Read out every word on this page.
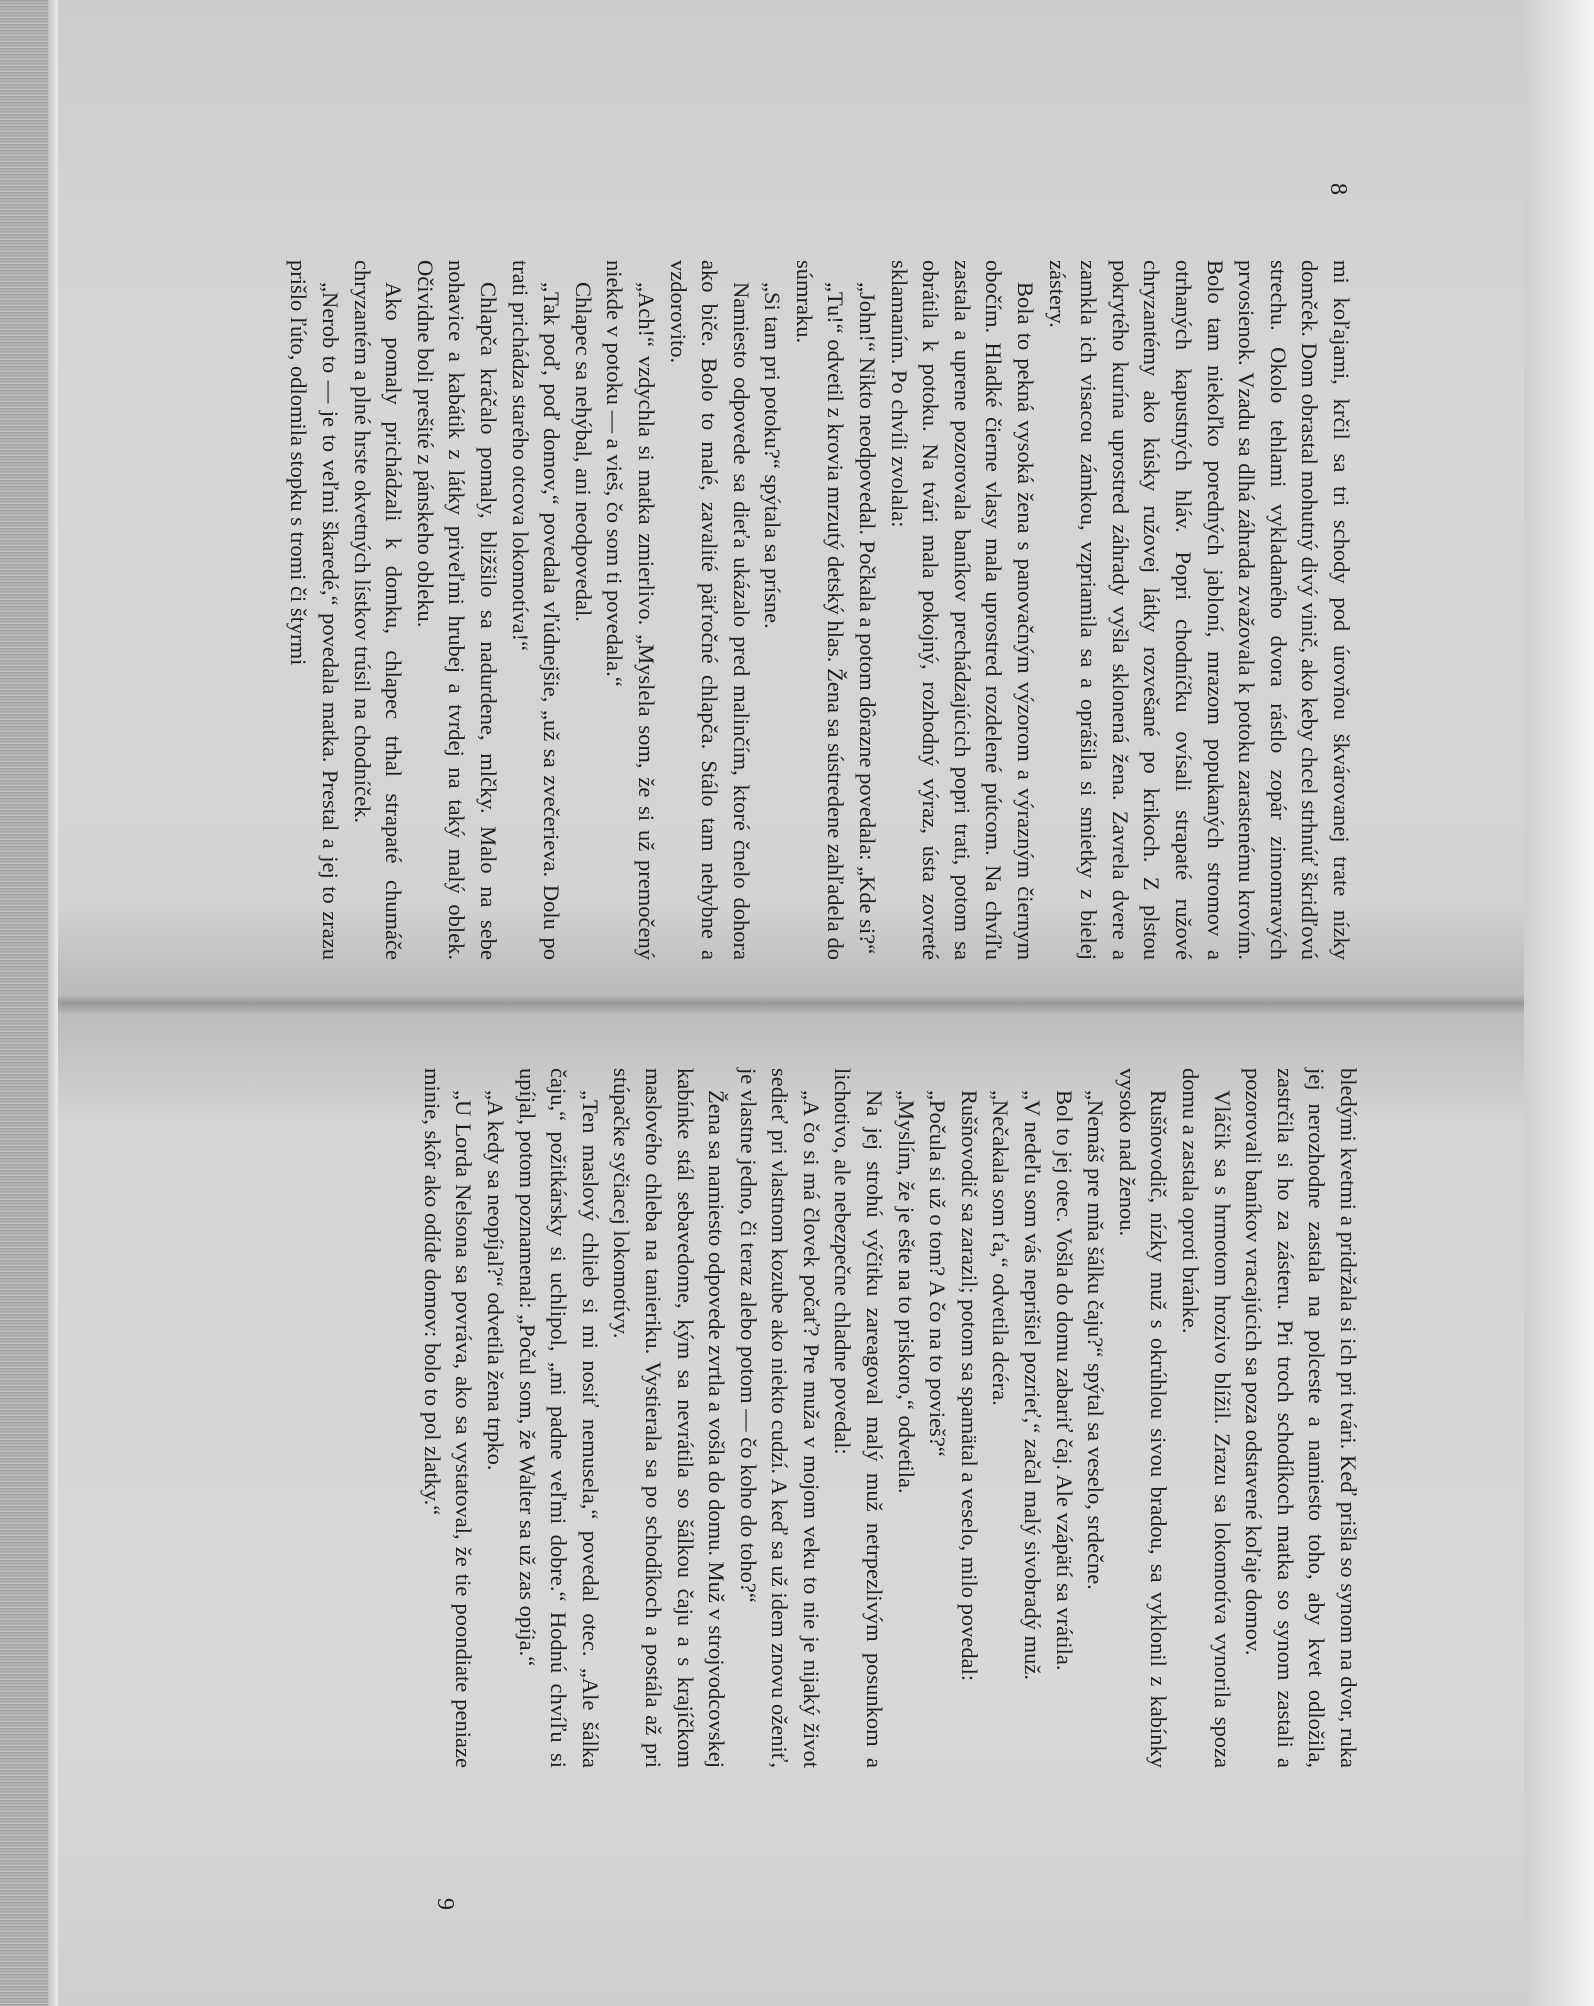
8

mi koľajami, krčil sa tri schody pod úrovňou škvárovanej trate nízky domček. Dom obrastal mohutný divý vinič, ako keby chcel strhnúť škridľovú strechu. Okolo tehlami vykladaného dvora rástlo zopár zimomravých prvosienok. Vzadu sa dlhá záhrada zvažovala k potoku zarastenému krovím. Bolo tam niekoľko poredných jabloní, mrazom popukaných stromov a otrhaných kapustných hláv. Popri chodníčku ovísali strapaté ružové chryzantémy ako kúsky ružovej látky rozvešané po krikoch. Z plstou pokrytého kurína uprostred záhrady vyšla sklonená žena. Zavrela dvere a zamkla ich visacou zámkou, vzpriamila sa a oprášila si smietky z bielej zástery.

Bola to pekná vysoká žena s panovačným výzorom a výrazným čiernym obočím. Hladké čierne vlasy mala uprostred rozdelené pútcom. Na chvíľu zastala a uprene pozorovala baníkov prechádzajúcich popri trati, potom sa obrátila k potoku. Na tvári mala pokojný, rozhodný výraz, ústa zovreté sklamaním. Po chvíli zvolala:

„John!“ Nikto neodpovedal. Počkala a potom dôrazne povedala: „Kde si?“

„Tu!“ odvetil z krovia mrzutý detský hlas. Žena sa sústredene zahľadela do súmraku.

„Si tam pri potoku?“ spýtala sa prísne.

Namiesto odpovede sa dieťa ukázalo pred malinčím, ktoré čnelo dohora ako biče. Bolo to malé, zavalité päťročné chlapča. Stálo tam nehybne a vzdorovito.

„Ach!“ vzdychla si matka zmierlivo. „Myslela som, že si už premočený niekde v potoku — a vieš, čo som ti povedala.“

Chlapec sa nehýbal, ani neodpovedal.

„Tak poď, poď domov,“ povedala vľúdnejšie, „už sa zvečerieva. Dolu po trati prichádza starého otcova lokomotíva!“

Chlapča kráčalo pomaly, bližšilo sa nadurdene, mlčky. Malo na sebe nohavice a kabátik z látky priveľmi hrubej a tvrdej na taký malý oblek. Očividne boli prešité z pánskeho obleku.

Ako pomaly prichádzali k domku, chlapec trhal strapaté chumáče chryzantém a plné hrste okvetných lístkov trúsil na chodníček.

„Nerob to — je to veľmi škaredé,“ povedala matka. Prestal a jej to zrazu prišlo ľúto, odlomila stopku s tromi či štyrmi

9

bledými kvetmi a pridržala si ich pri tvári. Keď prišla so synom na dvor, ruka jej nerozhodne zastala na polceste a namiesto toho, aby kvet odložila, zastrčila si ho za zásteru. Pri troch schodíkoch matka so synom zastali a pozorovali baníkov vracajúcich sa poza odstavené koľaje domov.

Vláčik sa s hrmotom hrozivo blížil. Zrazu sa lokomotíva vynorila spoza domu a zastala oproti bránke.

Rušňovodič, nízky muž s okrúhlou sivou bradou, sa vyklonil z kabínky vysoko nad ženou.

„Nemáš pre mňa šálku čaju?“ spýtal sa veselo, srdečne.

Bol to jej otec. Vošla do domu zabariť čaj. Ale vzápätí sa vrátila.

„V nedeľu som vás neprišiel pozrieť,“ začal malý sivobradý muž.

„Nečakala som ťa,“ odvetila dcéra.

Rušňovodič sa zarazil; potom sa spamätal a veselo, milo povedal:

„Počula si už o tom? A čo na to povieš?“

„Myslím, že je ešte na to priskoro,“ odvetila.

Na jej strohú výčitku zareagoval malý muž netrpezlivým posunkom a lichotivo, ale nebezpečne chladne povedal:

„A čo si má človek počať? Pre muža v mojom veku to nie je nijaký život sedieť pri vlastnom kozube ako niekto cudzí. A keď sa už idem znovu oženiť, je vlastne jedno, či teraz alebo potom — čo koho do toho?“

Žena sa namiesto odpovede zvrtla a vošla do domu. Muž v strojvodcovskej kabínke stál sebavedome, kým sa nevrátila so šálkou čaju a s krajíčkom maslového chleba na tanieriku. Vystierala sa po schodíkoch a postála až pri stúpačke syčiacej lokomotívy.

„Ten maslový chlieb si mi nosiť nemusela,“ povedal otec. „Ale šálka čaju,“ požitkársky si uchlipol, „mi padne veľmi dobre.“ Hodnú chvíľu si upíjal, potom poznamenal: „Počul som, že Walter sa už zas opíja.“

„A kedy sa neopíjal?“ odvetila žena trpko.

„U Lorda Nelsona sa povráva, ako sa vystatoval, že tie poondiate peniaze minie, skôr ako odíde domov: bolo to pol zlatky.“
